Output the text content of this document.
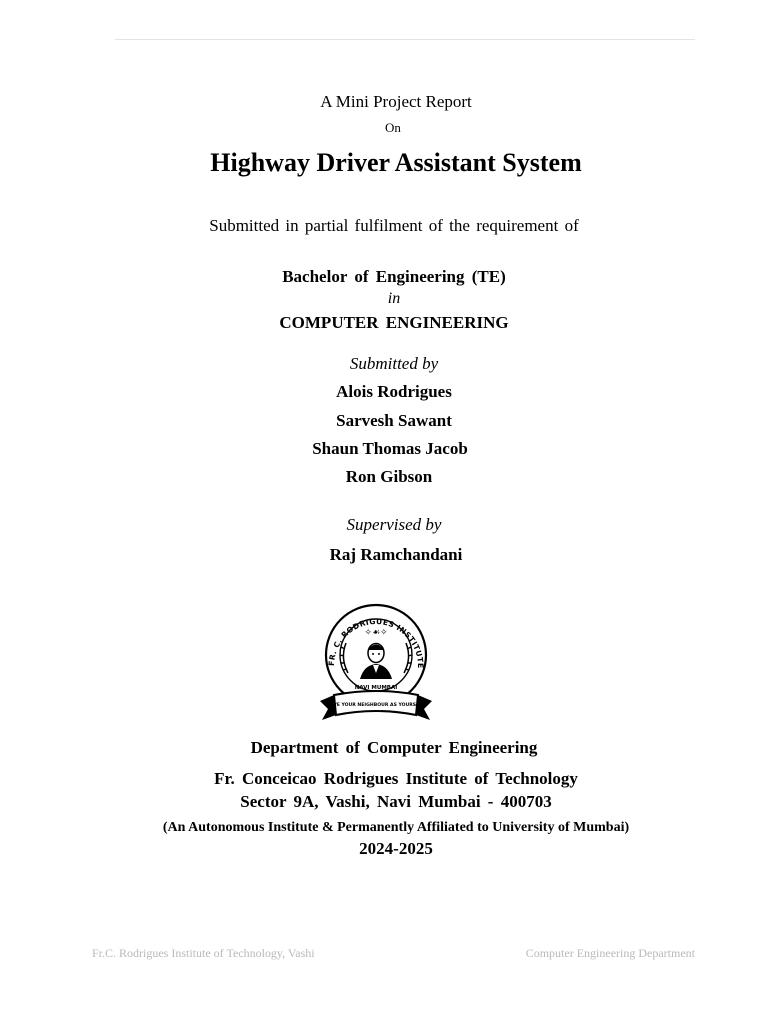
A Mini Project Report
On
Highway Driver Assistant System
Submitted in partial fulfilment of the requirement of
Bachelor of Engineering (TE)
in
COMPUTER ENGINEERING
Submitted by
Alois Rodrigues
Sarvesh Sawant
Shaun Thomas Jacob
Ron Gibson
Supervised by
Raj Ramchandani
FR. C. RODRIGUES INSTITUTE
✧☙✧
NAVI MUMBAI
LOVE YOUR NEIGHBOUR AS YOURSELF
Department of Computer Engineering
Fr. Conceicao Rodrigues Institute of Technology
Sector 9A, Vashi, Navi Mumbai - 400703
(An Autonomous Institute & Permanently Affiliated to University of Mumbai)
2024-2025
Fr.C. Rodrigues Institute of Technology, Vashi	Computer Engineering Department
